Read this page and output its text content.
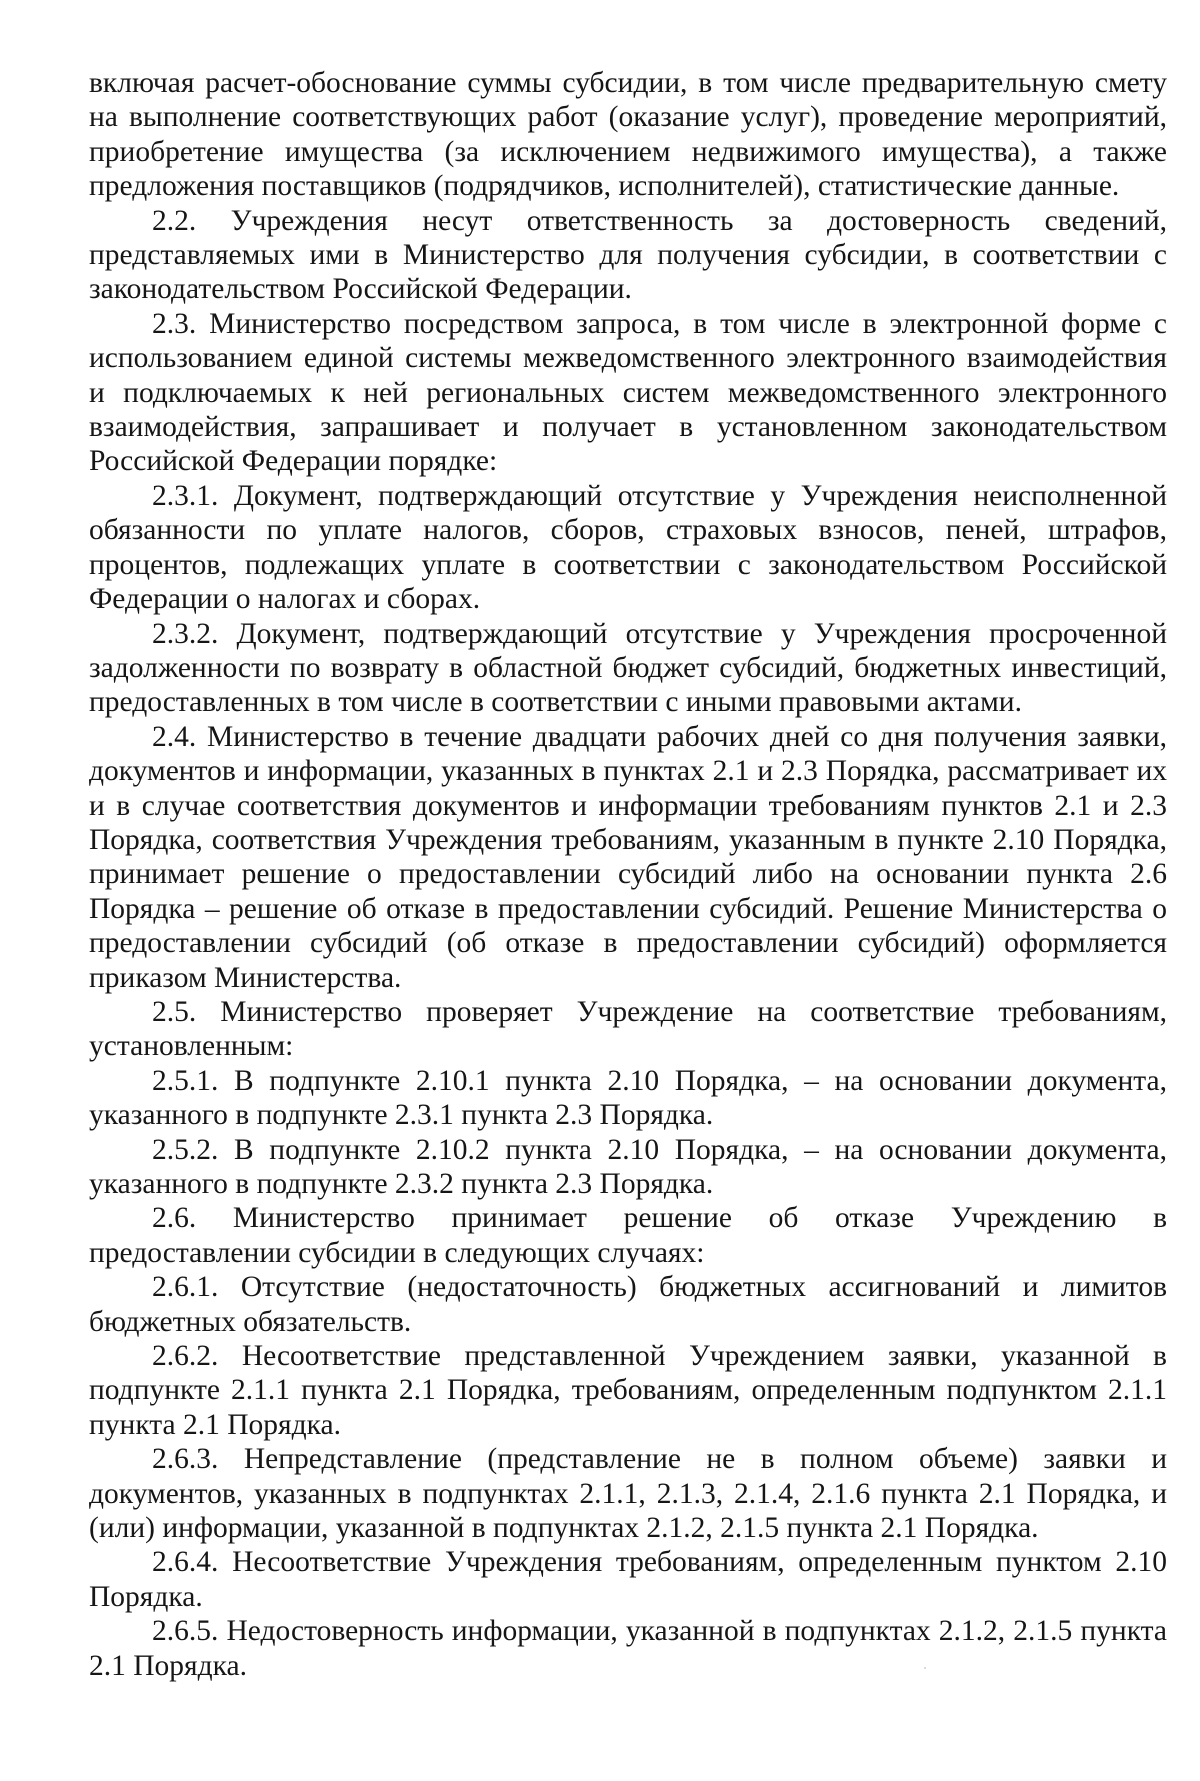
включая расчет-обоснование суммы субсидии, в том числе предварительную смету на выполнение соответствующих работ (оказание услуг), проведение мероприятий, приобретение имущества (за исключением недвижимого имущества), а также предложения поставщиков (подрядчиков, исполнителей), статистические данные.

2.2. Учреждения несут ответственность за достоверность сведений, представляемых ими в Министерство для получения субсидии, в соответствии с законодательством Российской Федерации.

2.3. Министерство посредством запроса, в том числе в электронной форме с использованием единой системы межведомственного электронного взаимодействия и подключаемых к ней региональных систем межведомственного электронного взаимодействия, запрашивает и получает в установленном законодательством Российской Федерации порядке:

2.3.1. Документ, подтверждающий отсутствие у Учреждения неисполненной обязанности по уплате налогов, сборов, страховых взносов, пеней, штрафов, процентов, подлежащих уплате в соответствии с законодательством Российской Федерации о налогах и сборах.

2.3.2. Документ, подтверждающий отсутствие у Учреждения просроченной задолженности по возврату в областной бюджет субсидий, бюджетных инвестиций, предоставленных в том числе в соответствии с иными правовыми актами.

2.4. Министерство в течение двадцати рабочих дней со дня получения заявки, документов и информации, указанных в пунктах 2.1 и 2.3 Порядка, рассматривает их и в случае соответствия документов и информации требованиям пунктов 2.1 и 2.3 Порядка, соответствия Учреждения требованиям, указанным в пункте 2.10 Порядка, принимает решение о предоставлении субсидий либо на основании пункта 2.6 Порядка – решение об отказе в предоставлении субсидий. Решение Министерства о предоставлении субсидий (об отказе в предоставлении субсидий) оформляется приказом Министерства.

2.5. Министерство проверяет Учреждение на соответствие требованиям, установленным:

2.5.1. В подпункте 2.10.1 пункта 2.10 Порядка, – на основании документа, указанного в подпункте 2.3.1 пункта 2.3 Порядка.

2.5.2. В подпункте 2.10.2 пункта 2.10 Порядка, – на основании документа, указанного в подпункте 2.3.2 пункта 2.3 Порядка.

2.6. Министерство принимает решение об отказе Учреждению в предоставлении субсидии в следующих случаях:

2.6.1. Отсутствие (недостаточность) бюджетных ассигнований и лимитов бюджетных обязательств.

2.6.2. Несоответствие представленной Учреждением заявки, указанной в подпункте 2.1.1 пункта 2.1 Порядка, требованиям, определенным подпунктом 2.1.1 пункта 2.1 Порядка.

2.6.3. Непредставление (представление не в полном объеме) заявки и документов, указанных в подпунктах 2.1.1, 2.1.3, 2.1.4, 2.1.6 пункта 2.1 Порядка, и (или) информации, указанной в подпунктах 2.1.2, 2.1.5 пункта 2.1 Порядка.

2.6.4. Несоответствие Учреждения требованиям, определенным пунктом 2.10 Порядка.

2.6.5. Недостоверность информации, указанной в подпунктах 2.1.2, 2.1.5 пункта 2.1 Порядка.
